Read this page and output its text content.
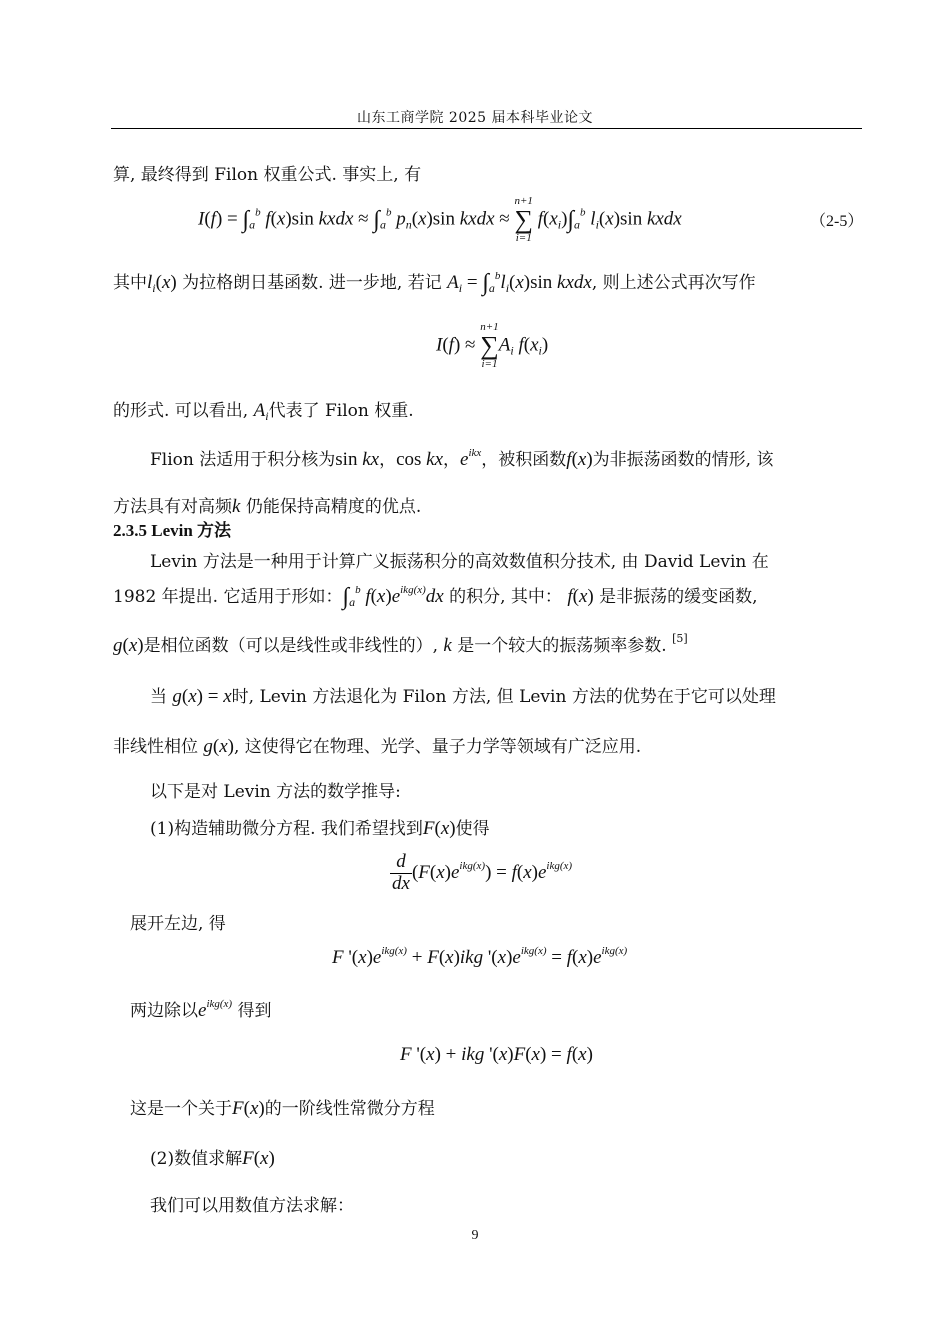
山东工商学院 2025 届本科毕业论文
算, 最终得到 Filon 权重公式. 事实上, 有
$I(f) = \int_a^b$ f(x)sin kxdx ≈ $\int_a^b$ $p_n(x)\sin$ kxdx ≈
n+1
∑
i=1
$f(x_i)\int_a^b$ $l_i(x)\sin$ kxdx	（2-5）
其中$l_i(x)$ 为拉格朗日基函数. 进一步地, 若记 $A_i = \int_a^bl_i(x)\sin$ kxdx, 则上述公式再次写作
I(f) ≈
n+1
∑
i=1
$A_i$ $f(x_i)$
的形式. 可以看出, $A_i$代表了 Filon 权重.
Flion 法适用于积分核为sin kx，cos kx，$e^{ikx}$，被积函数f(x)为非振荡函数的情形, 该
方法具有对高频k 仍能保持高精度的优点.
2.3.5 Levin 方法
Levin 方法是一种用于计算广义振荡积分的高效数值积分技术, 由 David Levin 在
1982 年提出. 它适用于形如：$\int_a^b$ $f(x)e^{ikg(x)}dx$ 的积分, 其中： f(x) 是非振荡的缓变函数,
g(x)是相位函数（可以是线性或非线性的）, k 是一个较大的振荡频率参数. [5]
当 g(x) = x时, Levin 方法退化为 Filon 方法, 但 Levin 方法的优势在于它可以处理
非线性相位 g(x), 这使得它在物理、光学、量子力学等领域有广泛应用.
以下是对 Levin 方法的数学推导:
(1)构造辅助微分方程. 我们希望找到F(x)使得
$\frac{d}{dx} (F(x)e^{ikg(x)}) = f(x)e^{ikg(x)}$
展开左边, 得
F '$(x)e^{ikg(x)} + F(x)ikg$ '$(x)e^{ikg(x)} = f(x)e^{ikg(x)}$
两边除以$e^{ikg(x)}$ 得到
F '(x) + ikg '(x)F(x) = f(x)
这是一个关于F(x)的一阶线性常微分方程
(2)数值求解F(x)
我们可以用数值方法求解：
9
